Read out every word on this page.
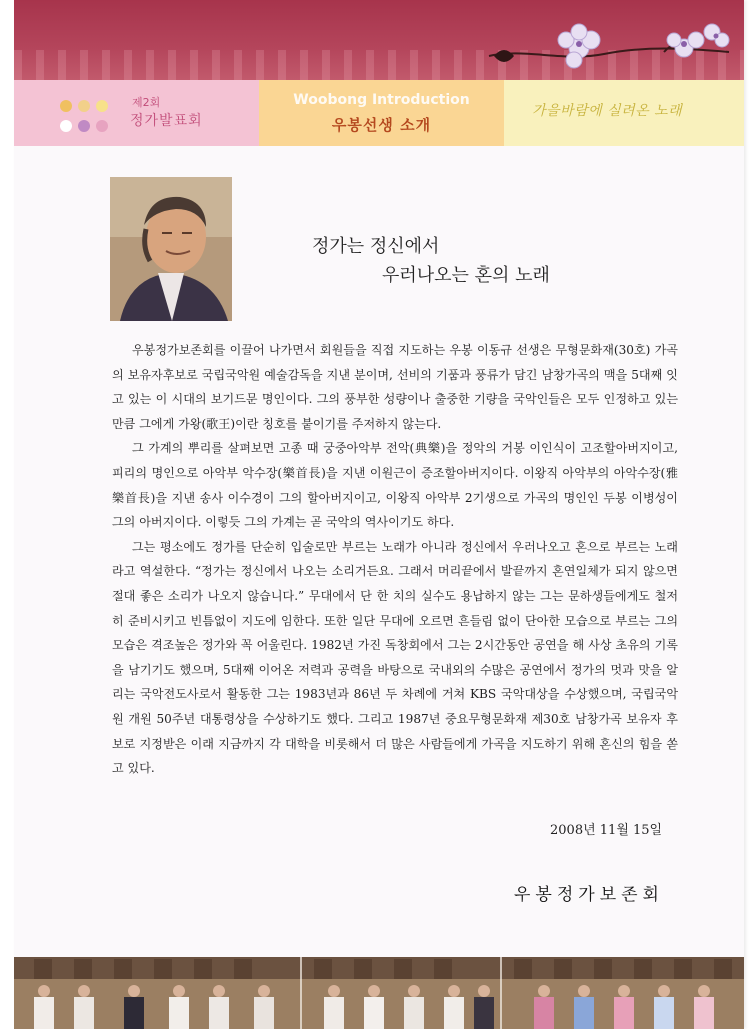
제2회
정가발표회
Woobong Introduction
우봉선생 소개
가을바람에 실려온 노래
정가는 정신에서
우러나오는 혼의 노래

우봉정가보존회를 이끌어 나가면서 회원들을 직접 지도하는 우봉 이동규 선생은 무형문화재(30호) 가곡의 보유자후보로 국립국악원 예술감독을 지낸 분이며, 선비의 기품과 풍류가 담긴 남창가곡의 맥을 5대째 잇고 있는 이 시대의 보기드문 명인이다. 그의 풍부한 성량이나 출중한 기량을 국악인들은 모두 인정하고 있는만큼 그에게 가왕(歌王)이란 칭호를 붙이기를 주저하지 않는다.

그 가계의 뿌리를 살펴보면 고종 때 궁중아악부 전악(典樂)을 정악의 거봉 이인식이 고조할아버지이고, 피리의 명인으로 아악부 악수장(樂首長)을 지낸 이원근이 증조할아버지이다. 이왕직 아악부의 아악수장(雅樂首長)을 지낸 송사 이수경이 그의 할아버지이고, 이왕직 아악부 2기생으로 가곡의 명인인 두봉 이병성이 그의 아버지이다. 이렇듯 그의 가계는 곧 국악의 역사이기도 하다.

그는 평소에도 정가를 단순히 입술로만 부르는 노래가 아니라 정신에서 우러나오고 혼으로 부르는 노래라고 역설한다. “정가는 정신에서 나오는 소리거든요. 그래서 머리끝에서 발끝까지 혼연일체가 되지 않으면 절대 좋은 소리가 나오지 않습니다.” 무대에서 단 한 치의 실수도 용납하지 않는 그는 문하생들에게도 철저히 준비시키고 빈틈없이 지도에 임한다. 또한 일단 무대에 오르면 흔들림 없이 단아한 모습으로 부르는 그의 모습은 격조높은 정가와 꼭 어울린다. 1982년 가진 독창회에서 그는 2시간동안 공연을 해 사상 초유의 기록을 남기기도 했으며, 5대째 이어온 저력과 공력을 바탕으로 국내외의 수많은 공연에서 정가의 멋과 맛을 알리는 국악전도사로서 활동한 그는 1983년과 86년 두 차례에 거쳐 KBS 국악대상을 수상했으며, 국립국악원 개원 50주년 대통령상을 수상하기도 했다. 그리고 1987년 중요무형문화재 제30호 남창가곡 보유자 후보로 지정받은 이래 지금까지 각 대학을 비롯해서 더 많은 사람들에게 가곡을 지도하기 위해 혼신의 힘을 쏟고 있다.

2008년 11월 15일
우봉정가보존회
